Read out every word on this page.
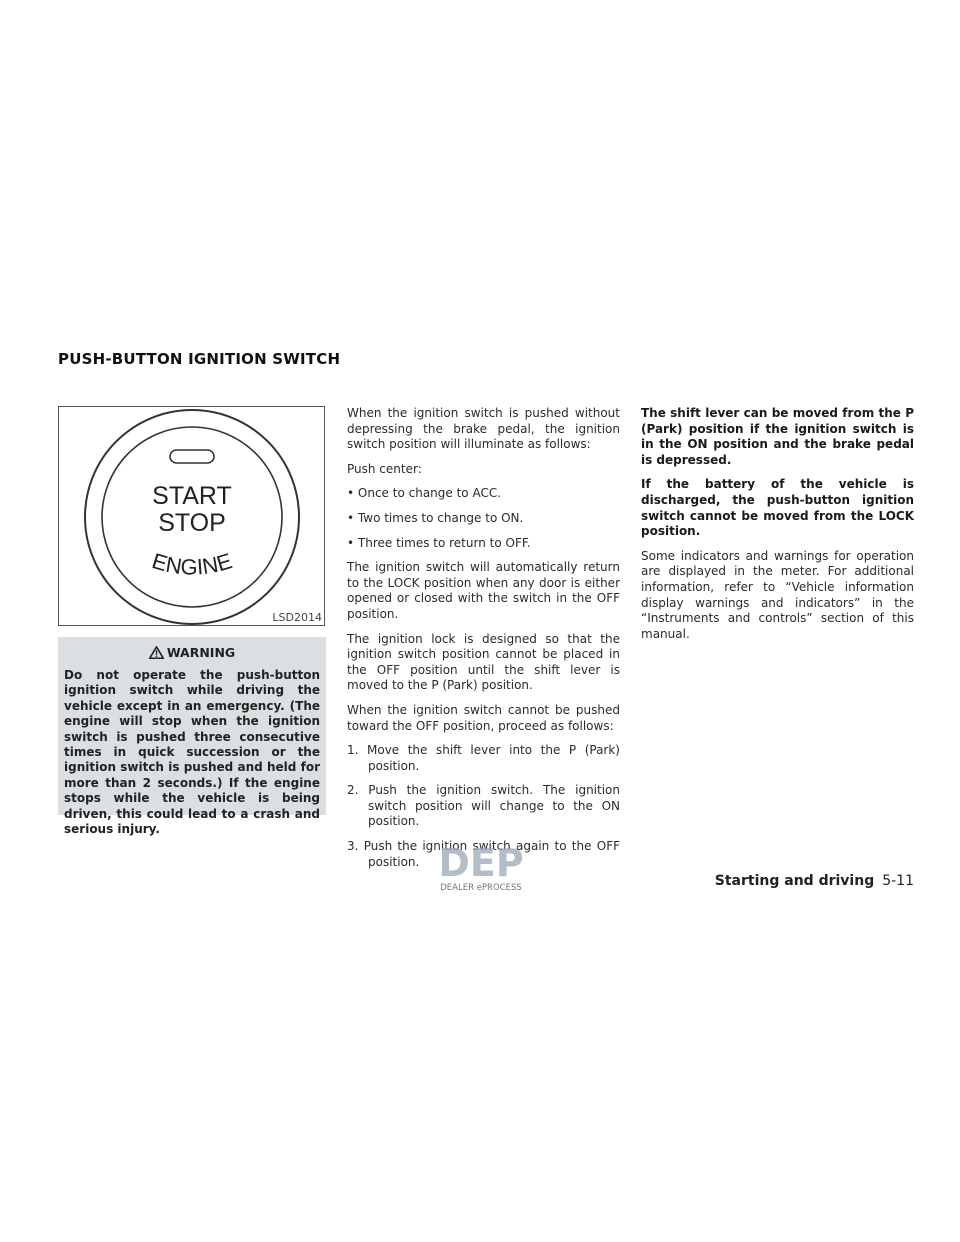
PUSH-BUTTON IGNITION SWITCH
START
STOP
ENGINE
LSD2014
WARNING
Do not operate the push-button ignition switch while driving the vehicle except in an emergency. (The engine will stop when the ignition switch is pushed three consecutive times in quick succession or the ignition switch is pushed and held for more than 2 seconds.) If the engine stops while the vehicle is being driven, this could lead to a crash and serious injury.

When the ignition switch is pushed without depressing the brake pedal, the ignition switch position will illuminate as follows:

Push center:

• Once to change to ACC.

• Two times to change to ON.

• Three times to return to OFF.

The ignition switch will automatically return to the LOCK position when any door is either opened or closed with the switch in the OFF position.

The ignition lock is designed so that the ignition switch position cannot be placed in the OFF position until the shift lever is moved to the P (Park) position.

When the ignition switch cannot be pushed toward the OFF position, proceed as follows:

1. Move the shift lever into the P (Park) position.

2. Push the ignition switch. The ignition switch position will change to the ON position.

3. Push the ignition switch again to the OFF position.

The shift lever can be moved from the P (Park) position if the ignition switch is in the ON position and the brake pedal is depressed.

If the battery of the vehicle is discharged, the push-button ignition switch cannot be moved from the LOCK position.

Some indicators and warnings for operation are displayed in the meter. For additional information, refer to “Vehicle information display warnings and indicators” in the “Instruments and controls” section of this manual.

DEP
DEALER ePROCESS	Starting and driving 5-11
